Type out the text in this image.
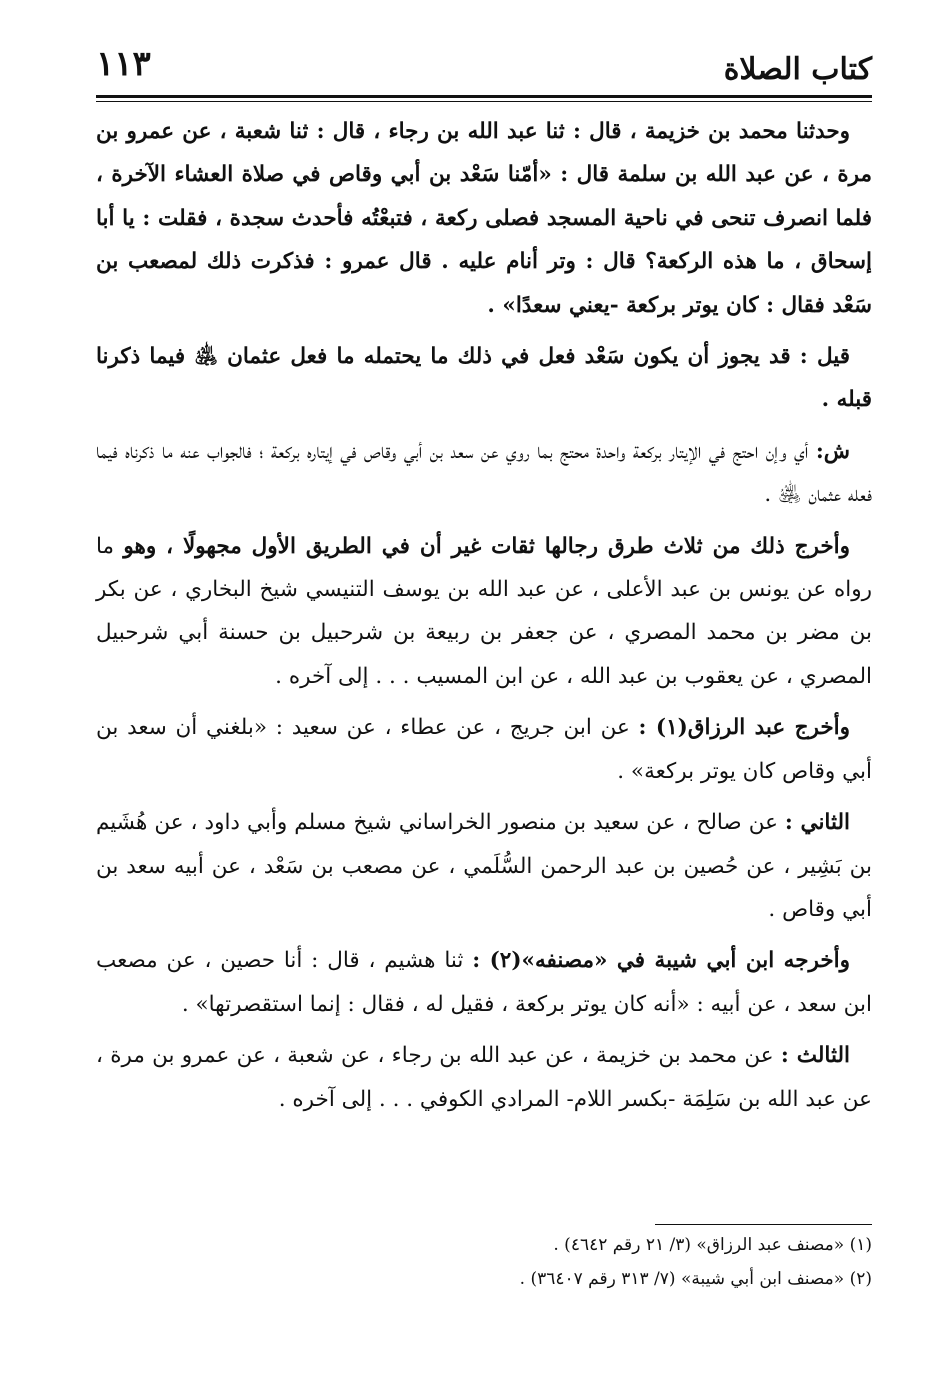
١١٣	كتاب الصلاة

وحدثنا محمد بن خزيمة ، قال : ثنا عبد الله بن رجاء ، قال : ثنا شعبة ، عن عمرو بن مرة ، عن عبد الله بن سلمة قال : «أمّنا سَعْد بن أبي وقاص في صلاة العشاء الآخرة ، فلما انصرف تنحى في ناحية المسجد فصلى ركعة ، فتبعْتُه فأحدث سجدة ، فقلت : يا أبا إسحاق ، ما هذه الركعة؟ قال : وتر أنام عليه . قال عمرو : فذكرت ذلك لمصعب بن سَعْد فقال : كان يوتر بركعة -يعني سعدًا» .

قيل : قد يجوز أن يكون سَعْد فعل في ذلك ما يحتمله ما فعل عثمان ﵁ فيما ذكرنا قبله .

ش: أي وإن احتج في الإيتار بركعة واحدة محتج بما روي عن سعد بن أبي وقاص في إيتاره بركعة ؛ فالجواب عنه ما ذكرناه فيما فعله عثمان ﵁ .

وأخرج ذلك من ثلاث طرق رجالها ثقات غير أن في الطريق الأول مجهولًا ، وهو ما رواه عن يونس بن عبد الأعلى ، عن عبد الله بن يوسف التنيسي شيخ البخاري ، عن بكر بن مضر بن محمد المصري ، عن جعفر بن ربيعة بن شرحبيل بن حسنة أبي شرحبيل المصري ، عن يعقوب بن عبد الله ، عن ابن المسيب . . . إلى آخره .

وأخرج عبد الرزاق(١) : عن ابن جريج ، عن عطاء ، عن سعيد : «بلغني أن سعد بن أبي وقاص كان يوتر بركعة» .

الثاني : عن صالح ، عن سعيد بن منصور الخراساني شيخ مسلم وأبي داود ، عن هُشَيم بن بَشِير ، عن حُصين بن عبد الرحمن السُّلَمي ، عن مصعب بن سَعْد ، عن أبيه سعد بن أبي وقاص .

وأخرجه ابن أبي شيبة في «مصنفه»(٢) : ثنا هشيم ، قال : أنا حصين ، عن مصعب ابن سعد ، عن أبيه : «أنه كان يوتر بركعة ، فقيل له ، فقال : إنما استقصرتها» .

الثالث : عن محمد بن خزيمة ، عن عبد الله بن رجاء ، عن شعبة ، عن عمرو بن مرة ، عن عبد الله بن سَلِمَة -بكسر اللام- المرادي الكوفي . . . إلى آخره .

(١) «مصنف عبد الرزاق» (٣/ ٢١ رقم ٤٦٤٢) .

(٢) «مصنف ابن أبي شيبة» (٧/ ٣١٣ رقم ٣٦٤٠٧) .
